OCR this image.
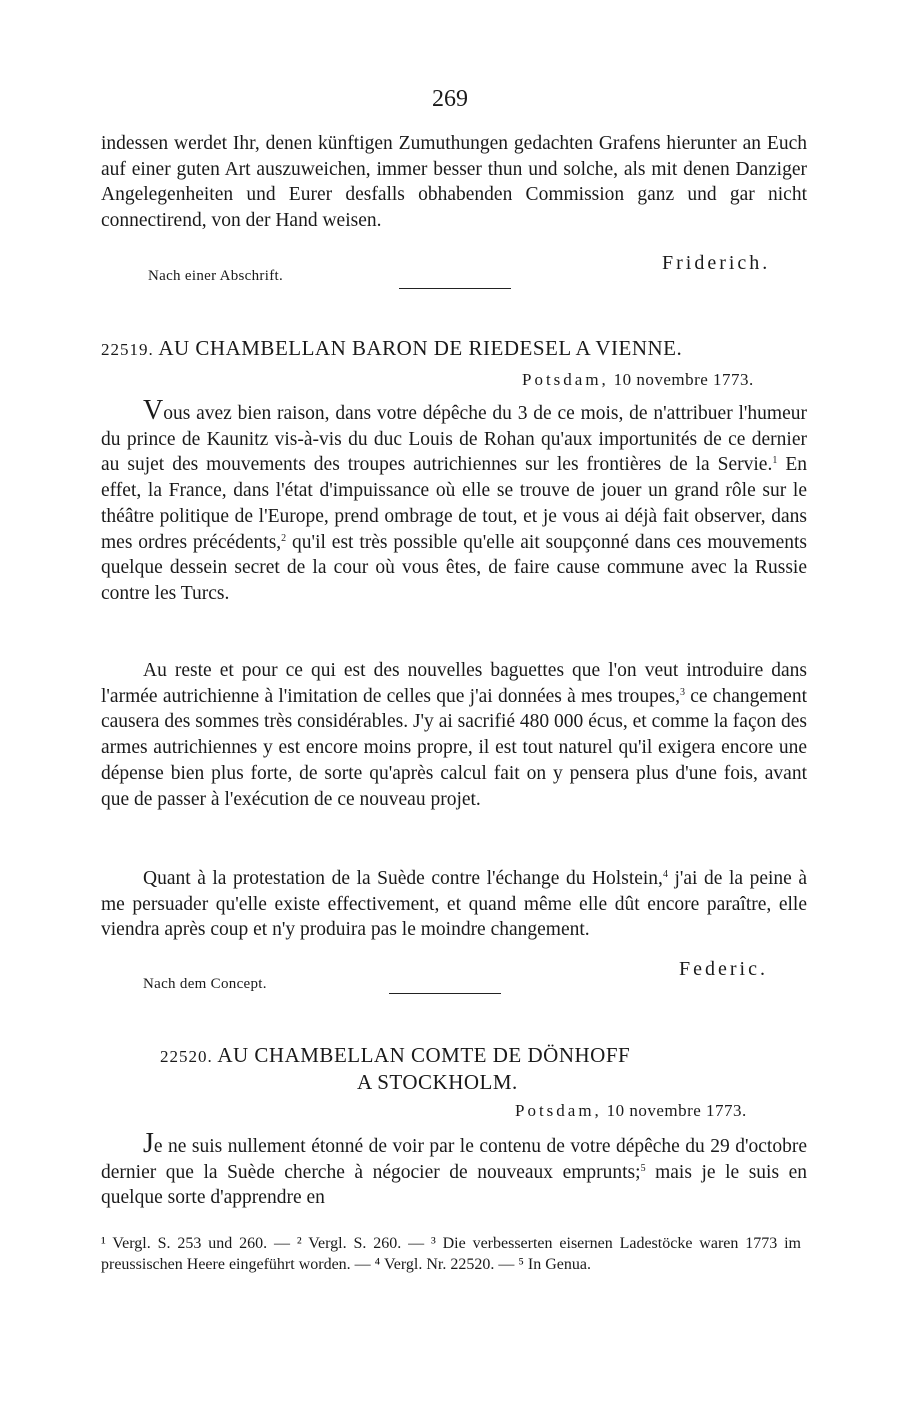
269

indessen werdet Ihr, denen künftigen Zumuthungen gedachten Grafens hierunter an Euch auf einer guten Art auszuweichen, immer besser thun und solche, als mit denen Danziger Angelegenheiten und Eurer desfalls obhabenden Commission ganz und gar nicht connectirend, von der Hand weisen.

Friderich.
Nach einer Abschrift.
22519. AU CHAMBELLAN BARON DE RIEDESEL A VIENNE.
Potsdam, 10 novembre 1773.

Vous avez bien raison, dans votre dépêche du 3 de ce mois, de n'attribuer l'humeur du prince de Kaunitz vis-à-vis du duc Louis de Rohan qu'aux importunités de ce dernier au sujet des mouvements des troupes autrichiennes sur les frontières de la Servie.$^1$ En effet, la France, dans l'état d'impuissance où elle se trouve de jouer un grand rôle sur le théâtre politique de l'Europe, prend ombrage de tout, et je vous ai déjà fait observer, dans mes ordres précédents,$^2$ qu'il est très possible qu'elle ait soupçonné dans ces mouvements quelque dessein secret de la cour où vous êtes, de faire cause commune avec la Russie contre les Turcs.

Au reste et pour ce qui est des nouvelles baguettes que l'on veut introduire dans l'armée autrichienne à l'imitation de celles que j'ai données à mes troupes,$^3$ ce changement causera des sommes très considérables. J'y ai sacrifié 480 000 écus, et comme la façon des armes autrichiennes y est encore moins propre, il est tout naturel qu'il exigera encore une dépense bien plus forte, de sorte qu'après calcul fait on y pensera plus d'une fois, avant que de passer à l'exécution de ce nouveau projet.

Quant à la protestation de la Suède contre l'échange du Holstein,$^4$ j'ai de la peine à me persuader qu'elle existe effectivement, et quand même elle dût encore paraître, elle viendra après coup et n'y produira pas le moindre changement.

Federic.
Nach dem Concept.
22520. AU CHAMBELLAN COMTE DE DÖNHOFF
A STOCKHOLM.
Potsdam, 10 novembre 1773.

Je ne suis nullement étonné de voir par le contenu de votre dépêche du 29 d'octobre dernier que la Suède cherche à négocier de nouveaux emprunts;$^5$ mais je le suis en quelque sorte d'apprendre en

¹ Vergl. S. 253 und 260. — ² Vergl. S. 260. — ³ Die verbesserten eisernen Ladestöcke waren 1773 im preussischen Heere eingeführt worden. — ⁴ Vergl. Nr. 22520. — ⁵ In Genua.
